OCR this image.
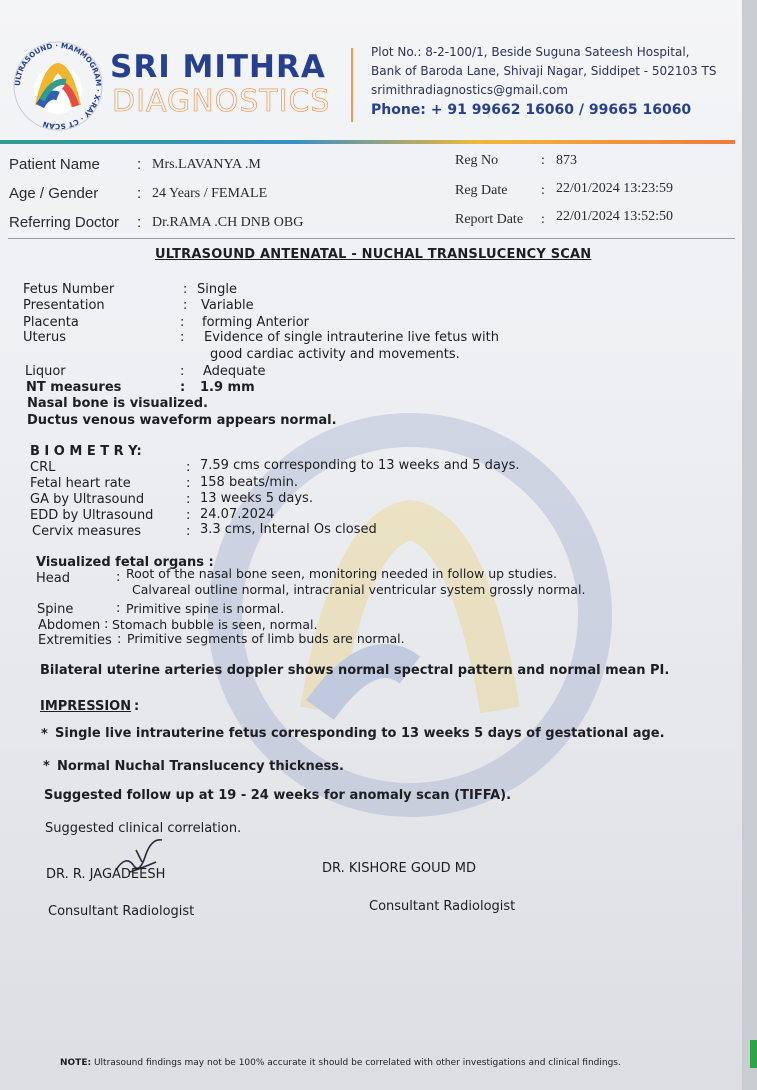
ULTRASOUND · MAMMOGRAM · X-RAY · CT SCAN
SRI MITHRA
DIAGNOSTICS
Plot No.: 8-2-100/1, Beside Suguna Sateesh Hospital,
Bank of Baroda Lane, Shivaji Nagar, Siddipet - 502103 TS
srimithradiagnostics@gmail.com
Phone: + 91 99662 16060 / 99665 16060
Patient Name : Mrs.LAVANYA .M
Age / Gender	: 24 Years / FEMALE
Referring Doctor : Dr.RAMA .CH DNB OBG
Reg No	: 873
Reg Date : 22/01/2024 13:23:59
Report Date : 22/01/2024 13:52:50
ULTRASOUND ANTENATAL - NUCHAL TRANSLUCENCY SCAN
Fetus Number	: Single
Presentation	: Variable
Placenta	: forming Anterior
Uterus	: Evidence of single intrauterine live fetus with
good cardiac activity and movements.
Liquor	: Adequate
NT measures	: 1.9 mm
Nasal bone is visualized.
Ductus venous waveform appears normal.
B I O M E T R Y:
CRL	: 7.59 cms corresponding to 13 weeks and 5 days.
Fetal heart rate	: 158 beats/min.
GA by Ultrasound	: 13 weeks 5 days.
EDD by Ultrasound	: 24.07.2024
Cervix measures	: 3.3 cms, Internal Os closed
Visualized fetal organs :
Head	: Root of the nasal bone seen, monitoring needed in follow up studies.
Calvareal outline normal, intracranial ventricular system grossly normal.
Spine	: Primitive spine is normal.
Abdomen : Stomach bubble is seen, normal.
Extremities : Primitive segments of limb buds are normal.
Bilateral uterine arteries doppler shows normal spectral pattern and normal mean PI.
IMPRESSION :
* Single live intrauterine fetus corresponding to 13 weeks 5 days of gestational age.
* Normal Nuchal Translucency thickness.
Suggested follow up at 19 - 24 weeks for anomaly scan (TIFFA).
Suggested clinical correlation.
DR. R. JAGADEESH
Consultant Radiologist
DR. KISHORE GOUD MD
Consultant Radiologist
NOTE: Ultrasound findings may not be 100% accurate it should be correlated with other investigations and clinical findings.
